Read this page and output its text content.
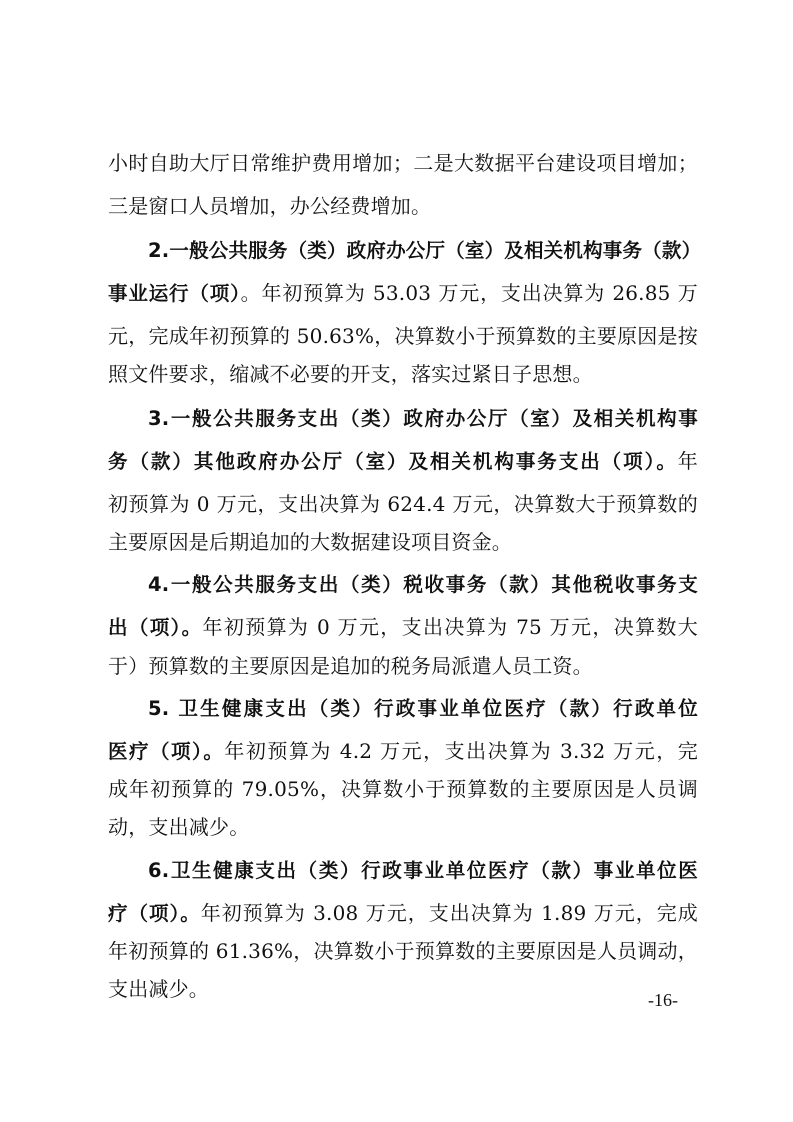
小时自助大厅日常维护费用增加；二是大数据平台建设项目增加；
三是窗口人员增加，办公经费增加。
2.一般公共服务（类）政府办公厅（室）及相关机构事务（款）
事业运行（项）。年初预算为 53.03 万元，支出决算为 26.85 万
元，完成年初预算的 50.63%，决算数小于预算数的主要原因是按
照文件要求，缩减不必要的开支，落实过紧日子思想。
3.一般公共服务支出（类）政府办公厅（室）及相关机构事
务（款）其他政府办公厅（室）及相关机构事务支出（项）。年
初预算为 0 万元，支出决算为 624.4 万元，决算数大于预算数的
主要原因是后期追加的大数据建设项目资金。
4.一般公共服务支出（类）税收事务（款）其他税收事务支
出（项）。年初预算为 0 万元，支出决算为 75 万元，决算数大
于）预算数的主要原因是追加的税务局派遣人员工资。
5. 卫生健康支出（类）行政事业单位医疗（款）行政单位
医疗（项）。年初预算为 4.2 万元，支出决算为 3.32 万元，完
成年初预算的 79.05%，决算数小于预算数的主要原因是人员调
动，支出减少。
6.卫生健康支出（类）行政事业单位医疗（款）事业单位医
疗（项）。年初预算为 3.08 万元，支出决算为 1.89 万元，完成
年初预算的 61.36%，决算数小于预算数的主要原因是人员调动，
支出减少。	-16-
